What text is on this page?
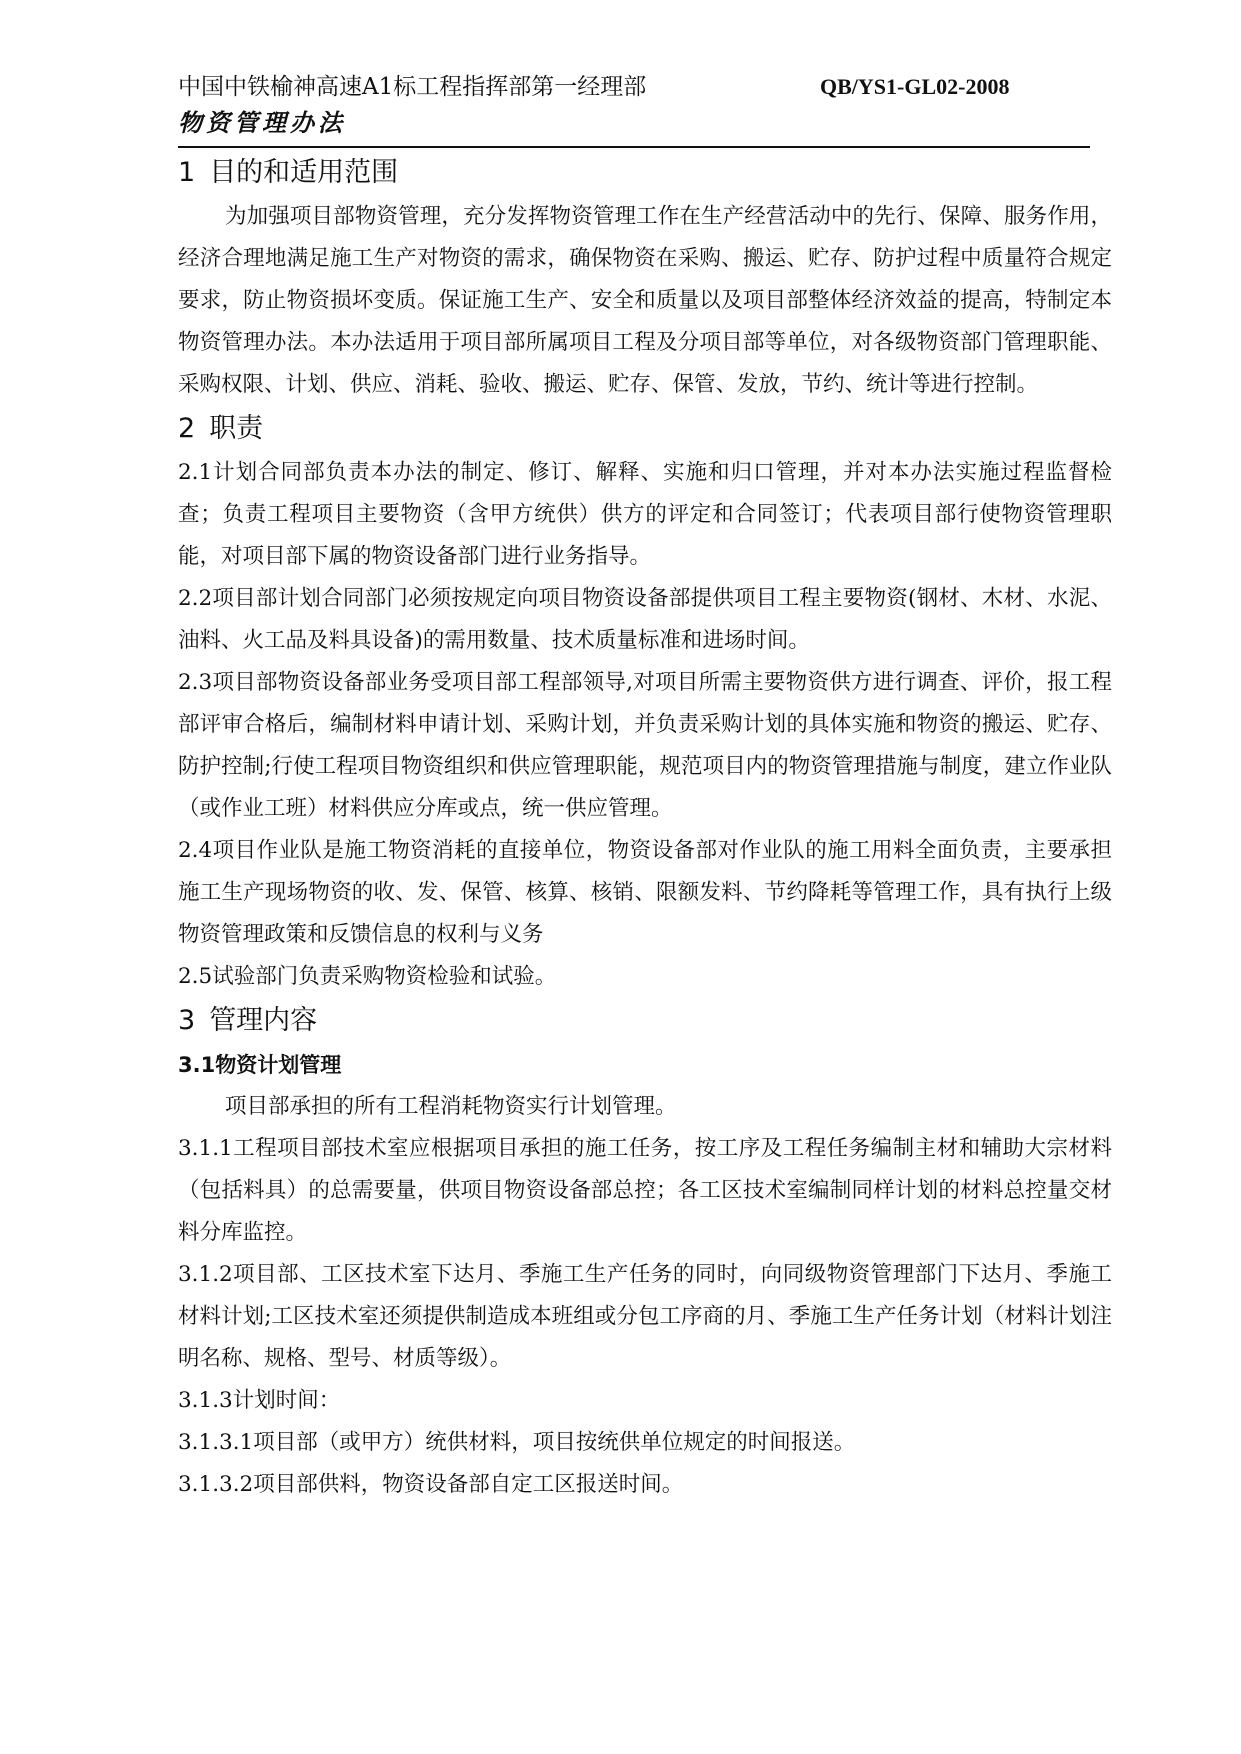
中国中铁榆神高速A1标工程指挥部第一经理部	QB/YS1-GL02-2008
物资管理办法
1 目的和适用范围

为加强项目部物资管理，充分发挥物资管理工作在生产经营活动中的先行、保障、服务作用，经济合理地满足施工生产对物资的需求，确保物资在采购、搬运、贮存、防护过程中质量符合规定要求，防止物资损坏变质。保证施工生产、安全和质量以及项目部整体经济效益的提高，特制定本物资管理办法。本办法适用于项目部所属项目工程及分项目部等单位，对各级物资部门管理职能、采购权限、计划、供应、消耗、验收、搬运、贮存、保管、发放，节约、统计等进行控制。

2 职责

2.1计划合同部负责本办法的制定、修订、解释、实施和归口管理，并对本办法实施过程监督检查；负责工程项目主要物资（含甲方统供）供方的评定和合同签订；代表项目部行使物资管理职能，对项目部下属的物资设备部门进行业务指导。

2.2项目部计划合同部门必须按规定向项目物资设备部提供项目工程主要物资(钢材、木材、水泥、油料、火工品及料具设备)的需用数量、技术质量标准和进场时间。

2.3项目部物资设备部业务受项目部工程部领导,对项目所需主要物资供方进行调查、评价，报工程部评审合格后，编制材料申请计划、采购计划，并负责采购计划的具体实施和物资的搬运、贮存、防护控制;行使工程项目物资组织和供应管理职能，规范项目内的物资管理措施与制度，建立作业队（或作业工班）材料供应分库或点，统一供应管理。

2.4项目作业队是施工物资消耗的直接单位，物资设备部对作业队的施工用料全面负责，主要承担施工生产现场物资的收、发、保管、核算、核销、限额发料、节约降耗等管理工作，具有执行上级物资管理政策和反馈信息的权利与义务

2.5试验部门负责采购物资检验和试验。

3 管理内容
3.1物资计划管理

项目部承担的所有工程消耗物资实行计划管理。

3.1.1工程项目部技术室应根据项目承担的施工任务，按工序及工程任务编制主材和辅助大宗材料（包括料具）的总需要量，供项目物资设备部总控；各工区技术室编制同样计划的材料总控量交材料分库监控。

3.1.2项目部、工区技术室下达月、季施工生产任务的同时，向同级物资管理部门下达月、季施工材料计划;工区技术室还须提供制造成本班组或分包工序商的月、季施工生产任务计划（材料计划注明名称、规格、型号、材质等级）。

3.1.3计划时间：

3.1.3.1项目部（或甲方）统供材料，项目按统供单位规定的时间报送。

3.1.3.2项目部供料，物资设备部自定工区报送时间。
